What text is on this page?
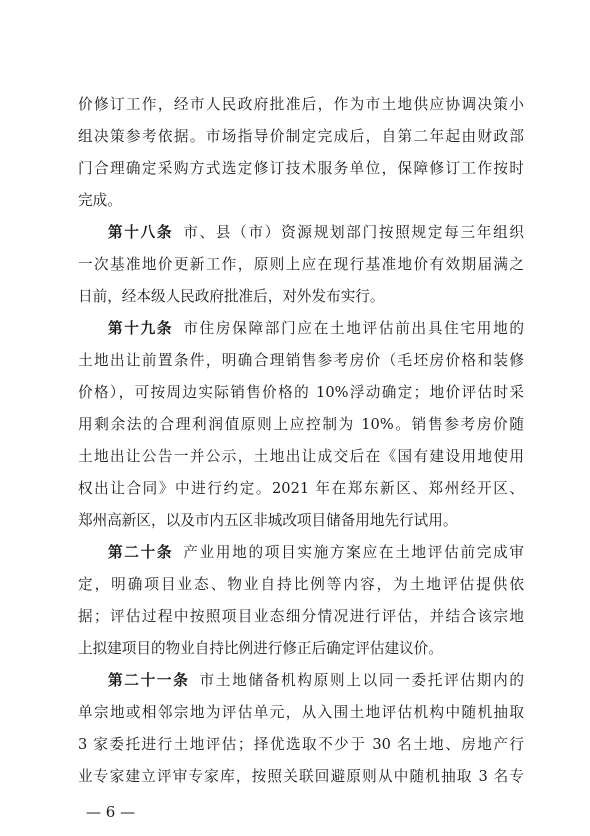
价修订工作，经市人民政府批准后，作为市土地供应协调决策小
组决策参考依据。市场指导价制定完成后，自第二年起由财政部
门合理确定采购方式选定修订技术服务单位，保障修订工作按时
完成。
第十八条 市、县（市）资源规划部门按照规定每三年组织
一次基准地价更新工作，原则上应在现行基准地价有效期届满之
日前，经本级人民政府批准后，对外发布实行。
第十九条 市住房保障部门应在土地评估前出具住宅用地的
土地出让前置条件，明确合理销售参考房价（毛坯房价格和装修
价格），可按周边实际销售价格的 10%浮动确定；地价评估时采
用剩余法的合理利润值原则上应控制为 10%。销售参考房价随
土地出让公告一并公示，土地出让成交后在《国有建设用地使用
权出让合同》中进行约定。2021 年在郑东新区、郑州经开区、
郑州高新区，以及市内五区非城改项目储备用地先行试用。
第二十条 产业用地的项目实施方案应在土地评估前完成审
定，明确项目业态、物业自持比例等内容，为土地评估提供依
据；评估过程中按照项目业态细分情况进行评估，并结合该宗地
上拟建项目的物业自持比例进行修正后确定评估建议价。
第二十一条 市土地储备机构原则上以同一委托评估期内的
单宗地或相邻宗地为评估单元，从入围土地评估机构中随机抽取
3 家委托进行土地评估；择优选取不少于 30 名土地、房地产行
业专家建立评审专家库，按照关联回避原则从中随机抽取 3 名专
— 6 —
